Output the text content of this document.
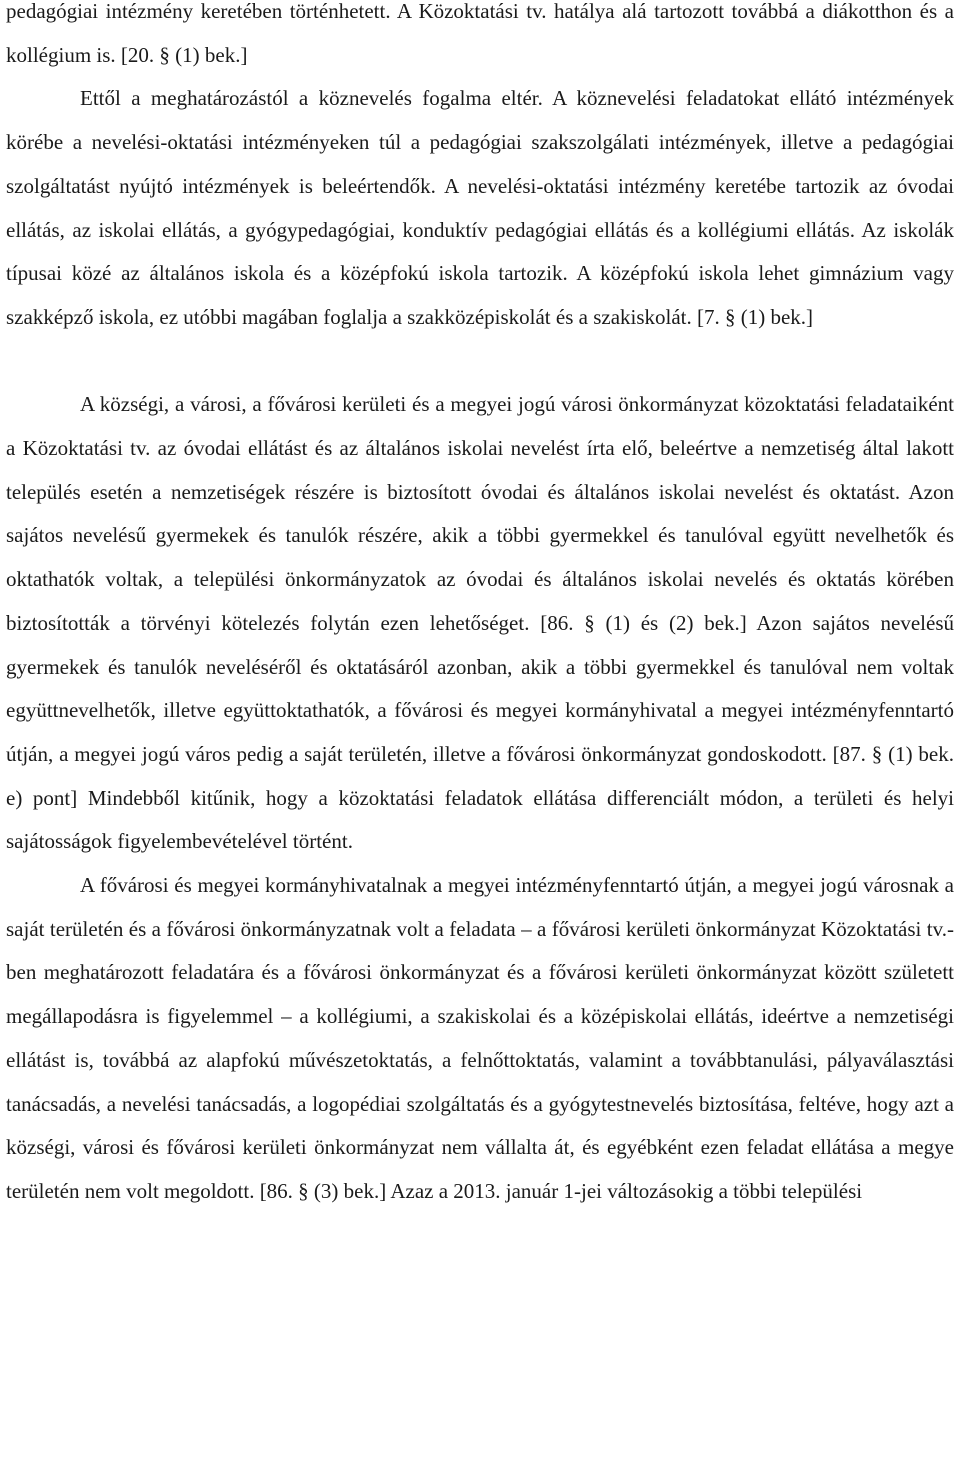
pedagógiai intézmény keretében történhetett. A Közoktatási tv. hatálya alá tartozott továbbá a diákotthon és a kollégium is. [20. § (1) bek.]

Ettől a meghatározástól a köznevelés fogalma eltér. A köznevelési feladatokat ellátó intézmények körébe a nevelési-oktatási intézményeken túl a pedagógiai szakszolgálati intézmények, illetve a pedagógiai szolgáltatást nyújtó intézmények is beleértendők. A nevelési-oktatási intézmény keretébe tartozik az óvodai ellátás, az iskolai ellátás, a gyógypedagógiai, konduktív pedagógiai ellátás és a kollégiumi ellátás. Az iskolák típusai közé az általános iskola és a középfokú iskola tartozik. A középfokú iskola lehet gimnázium vagy szakképző iskola, ez utóbbi magában foglalja a szakközépiskolát és a szakiskolát. [7. § (1) bek.]

A községi, a városi, a fővárosi kerületi és a megyei jogú városi önkormányzat közoktatási feladataiként a Közoktatási tv. az óvodai ellátást és az általános iskolai nevelést írta elő, beleértve a nemzetiség által lakott település esetén a nemzetiségek részére is biztosított óvodai és általános iskolai nevelést és oktatást. Azon sajátos nevelésű gyermekek és tanulók részére, akik a többi gyermekkel és tanulóval együtt nevelhetők és oktathatók voltak, a települési önkormányzatok az óvodai és általános iskolai nevelés és oktatás körében biztosították a törvényi kötelezés folytán ezen lehetőséget. [86. § (1) és (2) bek.] Azon sajátos nevelésű gyermekek és tanulók neveléséről és oktatásáról azonban, akik a többi gyermekkel és tanulóval nem voltak együttnevelhetők, illetve együttoktathatók, a fővárosi és megyei kormányhivatal a megyei intézményfenntartó útján, a megyei jogú város pedig a saját területén, illetve a fővárosi önkormányzat gondoskodott. [87. § (1) bek. e) pont] Mindebből kitűnik, hogy a közoktatási feladatok ellátása differenciált módon, a területi és helyi sajátosságok figyelembevételével történt.

A fővárosi és megyei kormányhivatalnak a megyei intézményfenntartó útján, a megyei jogú városnak a saját területén és a fővárosi önkormányzatnak volt a feladata – a fővárosi kerületi önkormányzat Közoktatási tv.-ben meghatározott feladatára és a fővárosi önkormányzat és a fővárosi kerületi önkormányzat között született megállapodásra is figyelemmel – a kollégiumi, a szakiskolai és a középiskolai ellátás, ideértve a nemzetiségi ellátást is, továbbá az alapfokú művészetoktatás, a felnőttoktatás, valamint a továbbtanulási, pályaválasztási tanácsadás, a nevelési tanácsadás, a logopédiai szolgáltatás és a gyógytestnevelés biztosítása, feltéve, hogy azt a községi, városi és fővárosi kerületi önkormányzat nem vállalta át, és egyébként ezen feladat ellátása a megye területén nem volt megoldott. [86. § (3) bek.] Azaz a 2013. január 1-jei változásokig a többi települési
